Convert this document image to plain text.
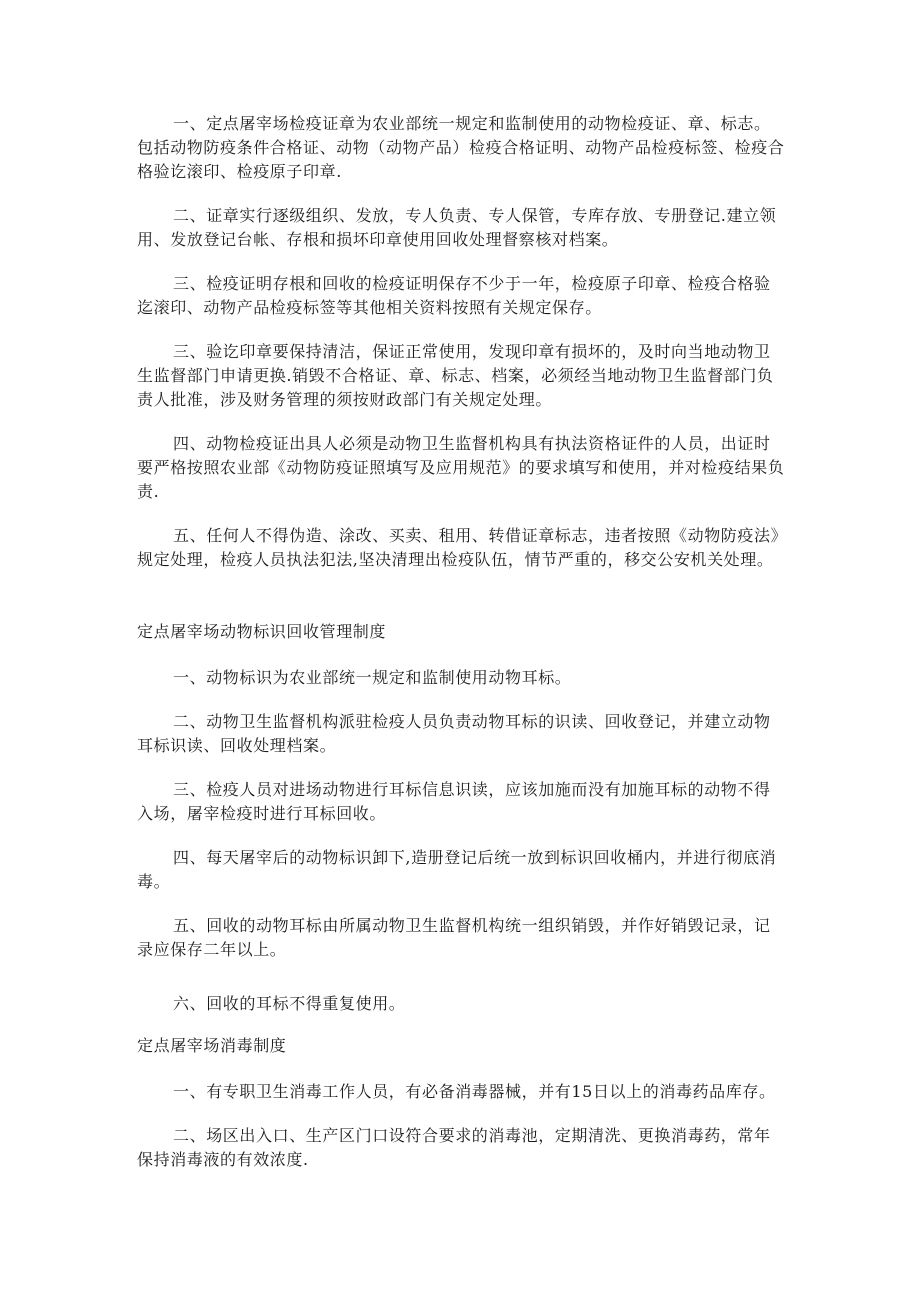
一、定点屠宰场检疫证章为农业部统一规定和监制使用的动物检疫证、章、标志。包括动物防疫条件合格证、动物（动物产品）检疫合格证明、动物产品检疫标签、检疫合格验讫滚印、检疫原子印章.

二、证章实行逐级组织、发放，专人负责、专人保管，专库存放、专册登记.建立领用、发放登记台帐、存根和损坏印章使用回收处理督察核对档案。

三、检疫证明存根和回收的检疫证明保存不少于一年，检疫原子印章、检疫合格验迄滚印、动物产品检疫标签等其他相关资料按照有关规定保存。

三、验讫印章要保持清洁，保证正常使用，发现印章有损坏的，及时向当地动物卫生监督部门申请更换.销毁不合格证、章、标志、档案，必须经当地动物卫生监督部门负责人批准，涉及财务管理的须按财政部门有关规定处理。

四、动物检疫证出具人必须是动物卫生监督机构具有执法资格证件的人员，出证时要严格按照农业部《动物防疫证照填写及应用规范》的要求填写和使用，并对检疫结果负责.

五、任何人不得伪造、涂改、买卖、租用、转借证章标志，违者按照《动物防疫法》规定处理，检疫人员执法犯法,坚决清理出检疫队伍，情节严重的，移交公安机关处理。

定点屠宰场动物标识回收管理制度

一、动物标识为农业部统一规定和监制使用动物耳标。

二、动物卫生监督机构派驻检疫人员负责动物耳标的识读、回收登记，并建立动物耳标识读、回收处理档案。

三、检疫人员对进场动物进行耳标信息识读，应该加施而没有加施耳标的动物不得入场，屠宰检疫时进行耳标回收。

四、每天屠宰后的动物标识卸下,造册登记后统一放到标识回收桶内，并进行彻底消毒。

五、回收的动物耳标由所属动物卫生监督机构统一组织销毁，并作好销毁记录，记录应保存二年以上。

六、回收的耳标不得重复使用。

定点屠宰场消毒制度

一、有专职卫生消毒工作人员，有必备消毒器械，并有15日以上的消毒药品库存。

二、场区出入口、生产区门口设符合要求的消毒池，定期清洗、更换消毒药，常年保持消毒液的有效浓度.
